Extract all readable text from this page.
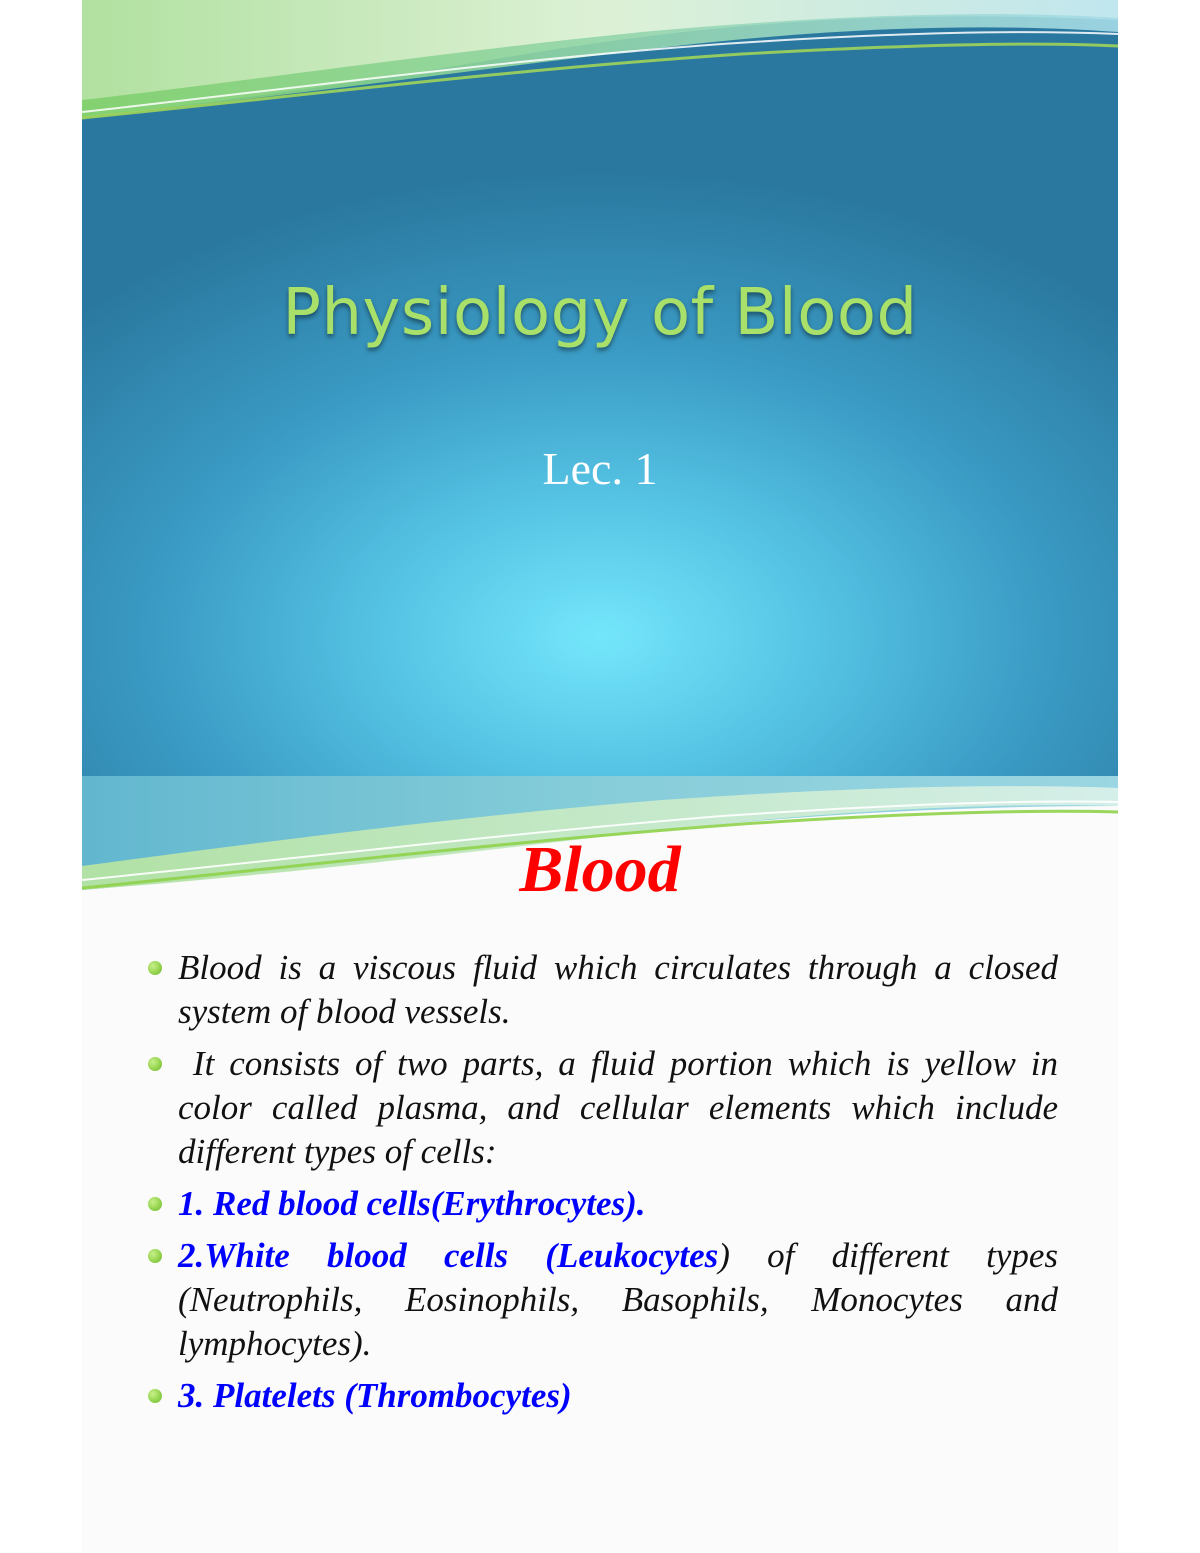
Physiology of Blood
Lec. 1
Blood
Blood is a viscous fluid which circulates through a closed system of blood vessels.
It consists of two parts, a fluid portion which is yellow in color called plasma, and cellular elements which include different types of cells:
1. Red blood cells(Erythrocytes).
2.White blood cells (Leukocytes) of different types (Neutrophils, Eosinophils, Basophils, Monocytes and lymphocytes).
3. Platelets (Thrombocytes)
